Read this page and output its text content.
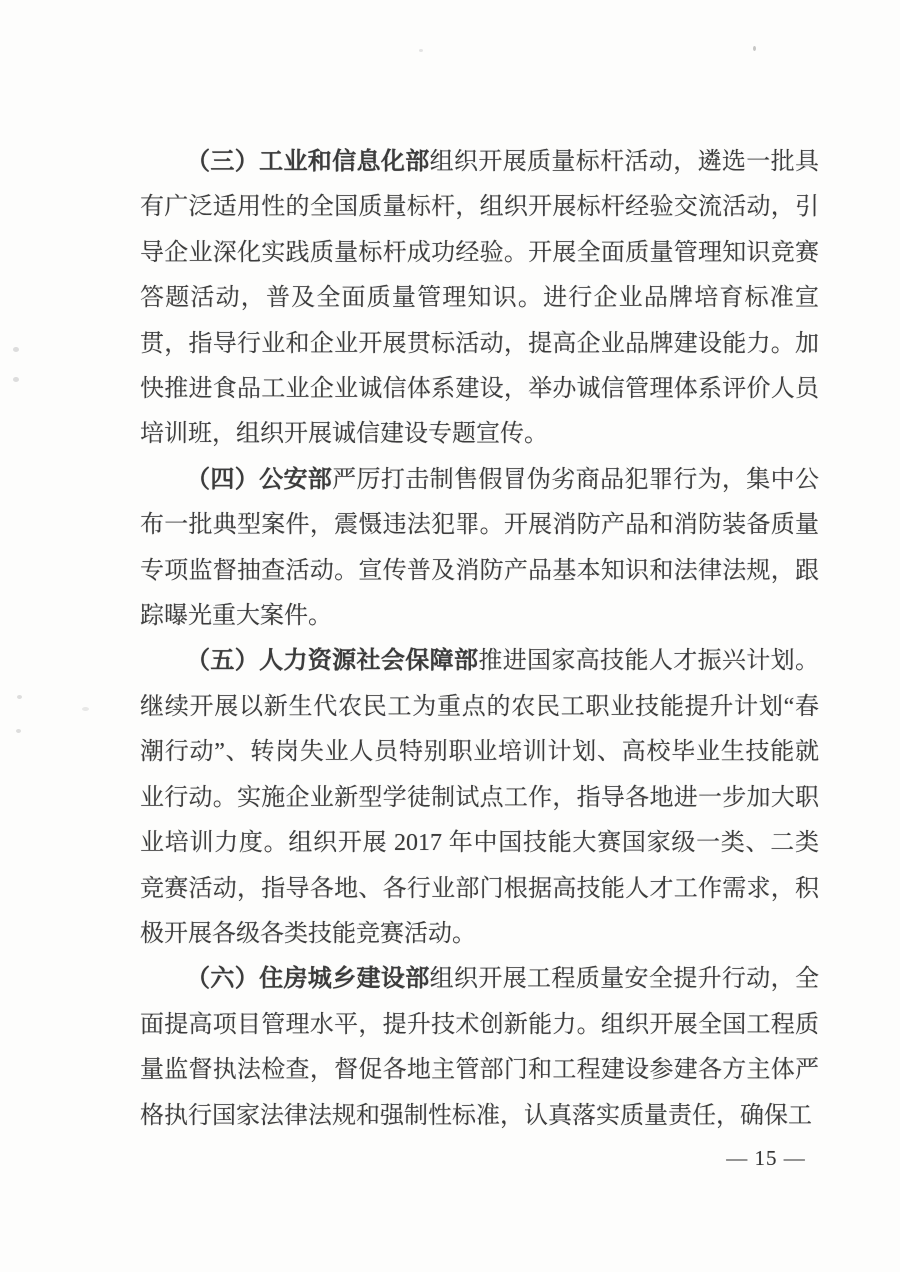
（三）工业和信息化部组织开展质量标杆活动，遴选一批具有广泛适用性的全国质量标杆，组织开展标杆经验交流活动，引导企业深化实践质量标杆成功经验。开展全面质量管理知识竞赛答题活动，普及全面质量管理知识。进行企业品牌培育标准宣贯，指导行业和企业开展贯标活动，提高企业品牌建设能力。加快推进食品工业企业诚信体系建设，举办诚信管理体系评价人员培训班，组织开展诚信建设专题宣传。

（四）公安部严厉打击制售假冒伪劣商品犯罪行为，集中公布一批典型案件，震慑违法犯罪。开展消防产品和消防装备质量专项监督抽查活动。宣传普及消防产品基本知识和法律法规，跟踪曝光重大案件。

（五）人力资源社会保障部推进国家高技能人才振兴计划。继续开展以新生代农民工为重点的农民工职业技能提升计划“春潮行动”、转岗失业人员特别职业培训计划、高校毕业生技能就业行动。实施企业新型学徒制试点工作，指导各地进一步加大职业培训力度。组织开展 2017 年中国技能大赛国家级一类、二类竞赛活动，指导各地、各行业部门根据高技能人才工作需求，积极开展各级各类技能竞赛活动。

（六）住房城乡建设部组织开展工程质量安全提升行动，全面提高项目管理水平，提升技术创新能力。组织开展全国工程质量监督执法检查，督促各地主管部门和工程建设参建各方主体严格执行国家法律法规和强制性标准，认真落实质量责任，确保工

— 15 —
